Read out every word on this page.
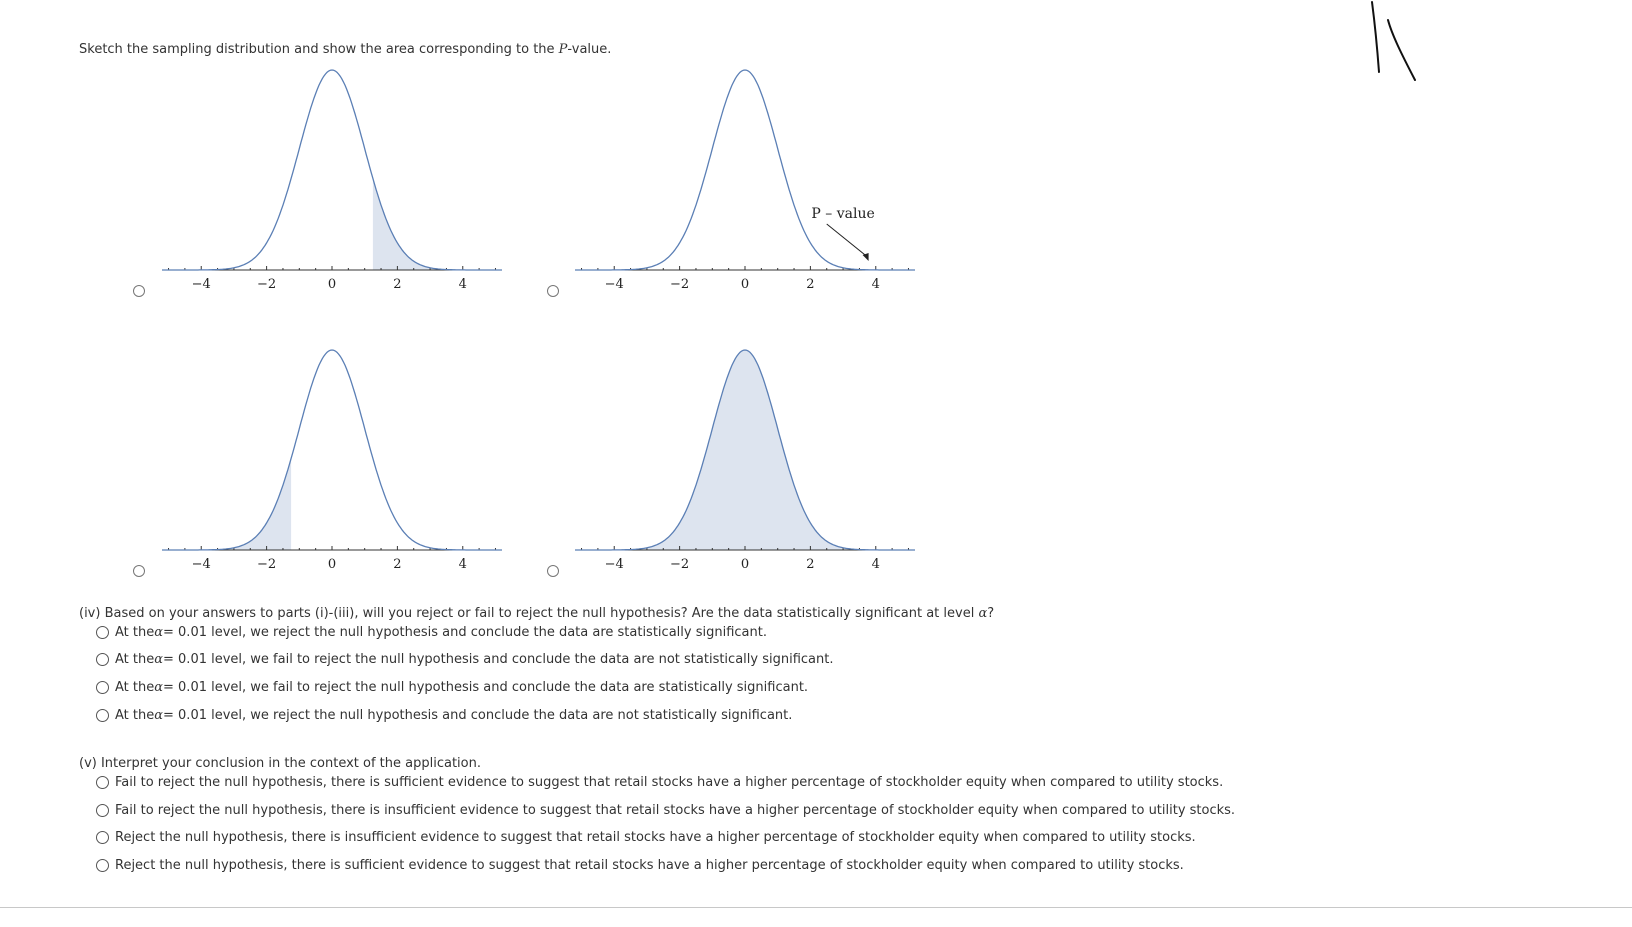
Sketch the sampling distribution and show the area corresponding to the P-value.
−4	−2	0	2	4	−4	−2	0	2	4
P – value
−4	−2	0	2	4	−4	−2	0	2	4
(iv) Based on your answers to parts (i)-(iii), will you reject or fail to reject the null hypothesis? Are the data statistically significant at level α?
At the α = 0.01 level, we reject the null hypothesis and conclude the data are statistically significant.
At the α = 0.01 level, we fail to reject the null hypothesis and conclude the data are not statistically significant.
At the α = 0.01 level, we fail to reject the null hypothesis and conclude the data are statistically significant.
At the α = 0.01 level, we reject the null hypothesis and conclude the data are not statistically significant.
(v) Interpret your conclusion in the context of the application.
Fail to reject the null hypothesis, there is sufficient evidence to suggest that retail stocks have a higher percentage of stockholder equity when compared to utility stocks.
Fail to reject the null hypothesis, there is insufficient evidence to suggest that retail stocks have a higher percentage of stockholder equity when compared to utility stocks.
Reject the null hypothesis, there is insufficient evidence to suggest that retail stocks have a higher percentage of stockholder equity when compared to utility stocks.
Reject the null hypothesis, there is sufficient evidence to suggest that retail stocks have a higher percentage of stockholder equity when compared to utility stocks.
